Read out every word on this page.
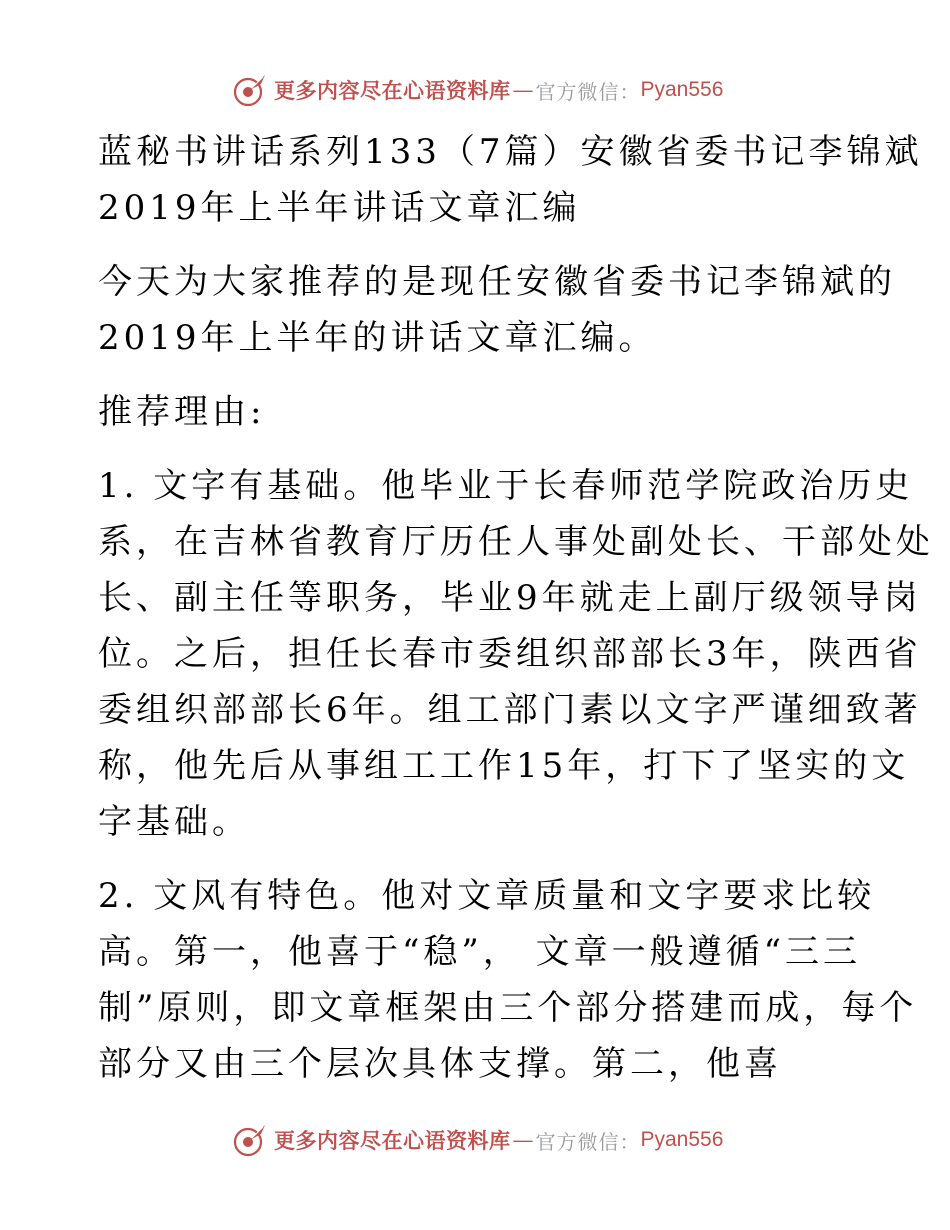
更多内容尽在心语资料库 — 官方微信： Pyan556
蓝秘书讲话系列133（7篇）安徽省委书记李锦斌
2019年上半年讲话文章汇编
今天为大家推荐的是现任安徽省委书记李锦斌的
2019年上半年的讲话文章汇编。
推荐理由:
1. 文字有基础。他毕业于长春师范学院政治历史
系，在吉林省教育厅历任人事处副处长、干部处处
长、副主任等职务，毕业9年就走上副厅级领导岗
位。之后，担任长春市委组织部部长3年，陕西省
委组织部部长6年。组工部门素以文字严谨细致著
称，他先后从事组工工作15年，打下了坚实的文
字基础。
2. 文风有特色。他对文章质量和文字要求比较
高。第一，他喜于“稳”， 文章一般遵循“三三
制”原则，即文章框架由三个部分搭建而成，每个
部分又由三个层次具体支撑。第二，他喜
更多内容尽在心语资料库 — 官方微信： Pyan556
